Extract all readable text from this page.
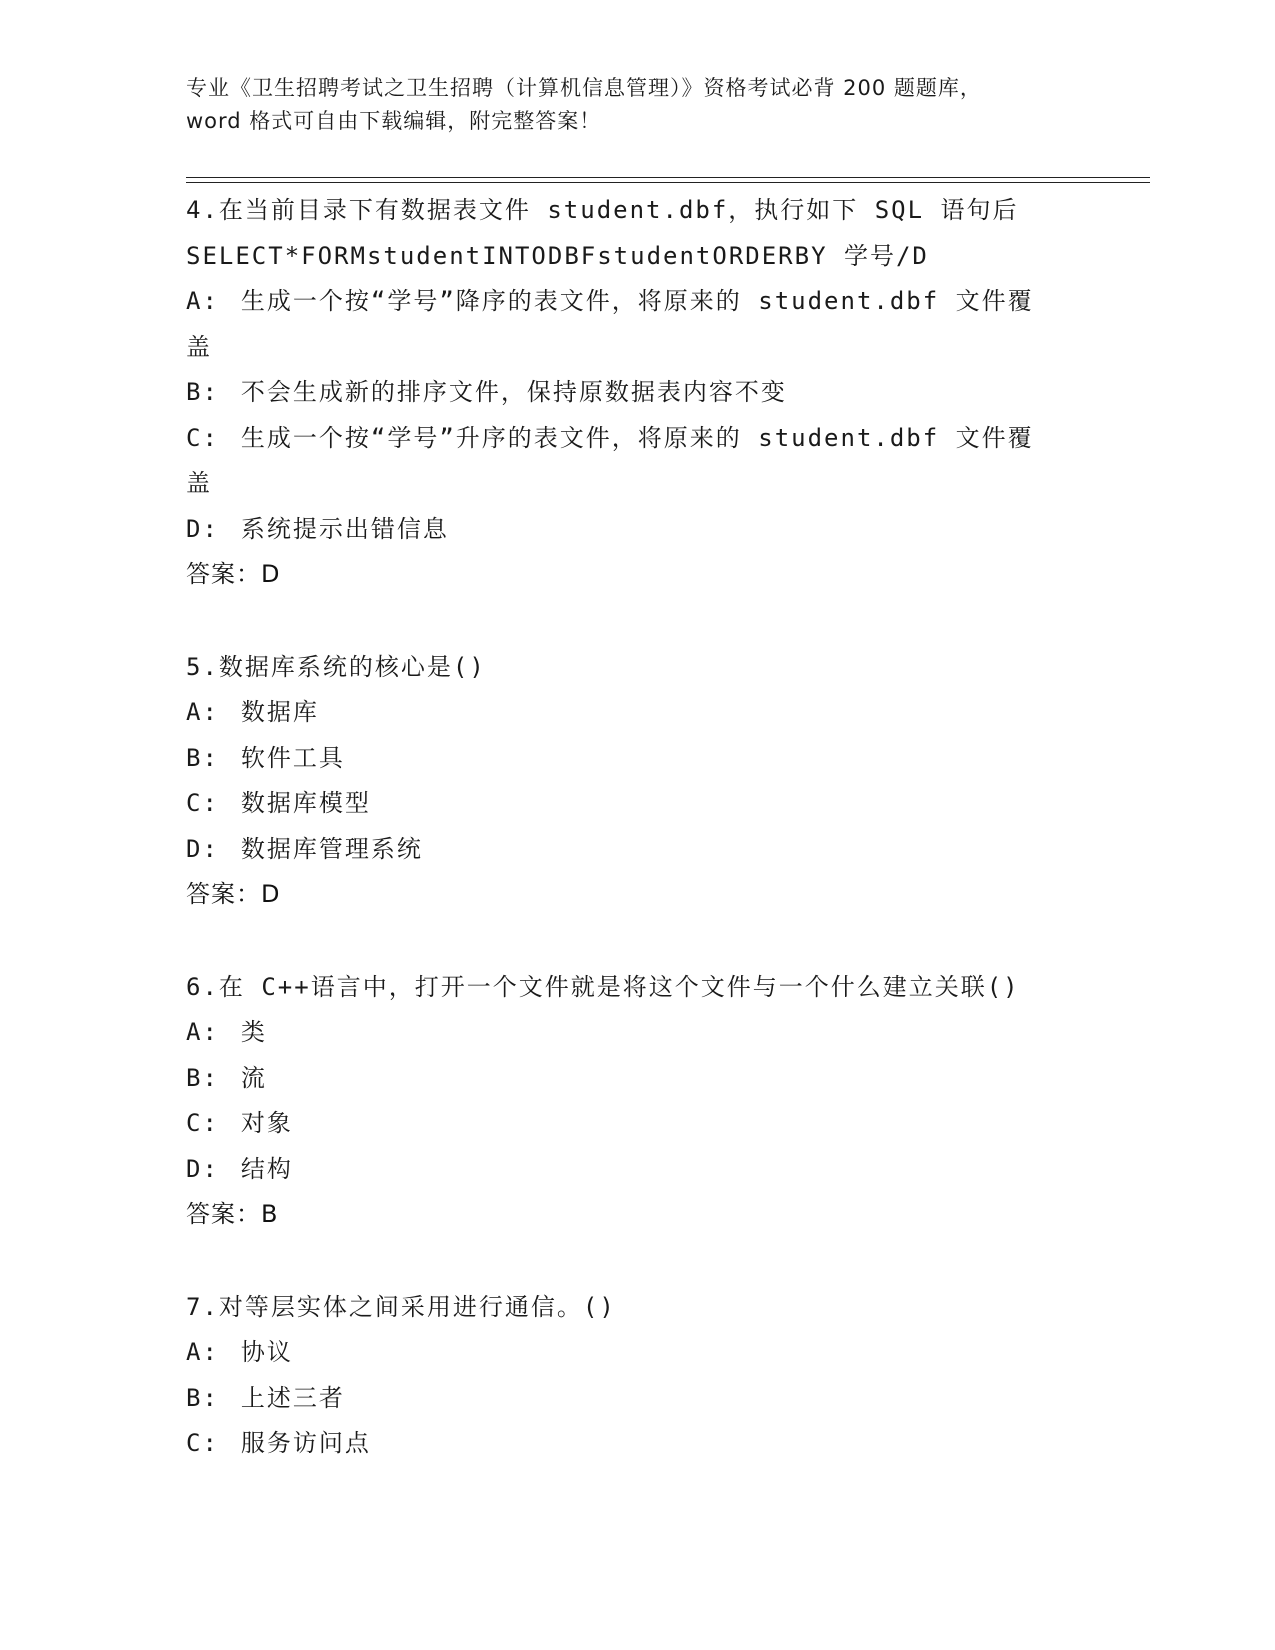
专业《卫生招聘考试之卫生招聘（计算机信息管理）》资格考试必背 200 题题库，
word 格式可自由下载编辑，附完整答案！
4.在当前目录下有数据表文件 student.dbf，执行如下 SQL 语句后
SELECT*FORMstudentINTODBFstudentORDERBY 学号/D
A: 生成一个按“学号”降序的表文件，将原来的 student.dbf 文件覆
盖
B: 不会生成新的排序文件，保持原数据表内容不变
C: 生成一个按“学号”升序的表文件，将原来的 student.dbf 文件覆
盖
D: 系统提示出错信息
答案：D
5.数据库系统的核心是()
A: 数据库
B: 软件工具
C: 数据库模型
D: 数据库管理系统
答案：D
6.在 C++语言中，打开一个文件就是将这个文件与一个什么建立关联()
A: 类
B: 流
C: 对象
D: 结构
答案：B
7.对等层实体之间采用进行通信。()
A: 协议
B: 上述三者
C: 服务访问点
